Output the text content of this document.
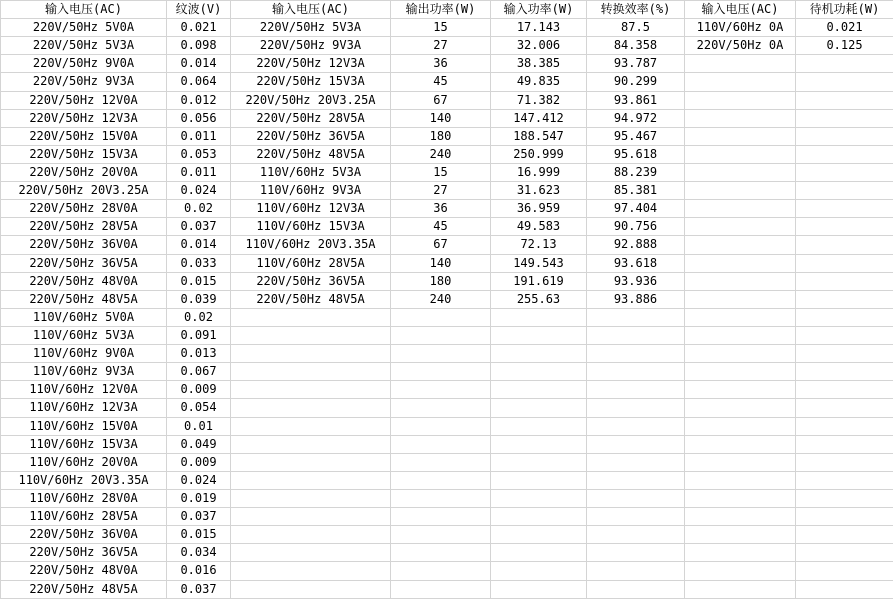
输入电压(AC)	纹波(V)	输入电压(AC)	输出功率(W)	输入功率(W)	转换效率(%)	输入电压(AC)	待机功耗(W)
220V/50Hz 5V0A	0.021	220V/50Hz 5V3A	15	17.143	87.5	110V/60Hz 0A	0.021
220V/50Hz 5V3A	0.098	220V/50Hz 9V3A	27	32.006	84.358	220V/50Hz 0A	0.125
220V/50Hz 9V0A	0.014	220V/50Hz 12V3A	36	38.385	93.787		
220V/50Hz 9V3A	0.064	220V/50Hz 15V3A	45	49.835	90.299		
220V/50Hz 12V0A	0.012	220V/50Hz 20V3.25A	67	71.382	93.861		
220V/50Hz 12V3A	0.056	220V/50Hz 28V5A	140	147.412	94.972		
220V/50Hz 15V0A	0.011	220V/50Hz 36V5A	180	188.547	95.467		
220V/50Hz 15V3A	0.053	220V/50Hz 48V5A	240	250.999	95.618		
220V/50Hz 20V0A	0.011	110V/60Hz 5V3A	15	16.999	88.239		
220V/50Hz 20V3.25A	0.024	110V/60Hz 9V3A	27	31.623	85.381		
220V/50Hz 28V0A	0.02	110V/60Hz 12V3A	36	36.959	97.404		
220V/50Hz 28V5A	0.037	110V/60Hz 15V3A	45	49.583	90.756		
220V/50Hz 36V0A	0.014	110V/60Hz 20V3.35A	67	72.13	92.888		
220V/50Hz 36V5A	0.033	110V/60Hz 28V5A	140	149.543	93.618		
220V/50Hz 48V0A	0.015	220V/50Hz 36V5A	180	191.619	93.936		
220V/50Hz 48V5A	0.039	220V/50Hz 48V5A	240	255.63	93.886		
110V/60Hz 5V0A	0.02						
110V/60Hz 5V3A	0.091						
110V/60Hz 9V0A	0.013						
110V/60Hz 9V3A	0.067						
110V/60Hz 12V0A	0.009						
110V/60Hz 12V3A	0.054						
110V/60Hz 15V0A	0.01						
110V/60Hz 15V3A	0.049						
110V/60Hz 20V0A	0.009						
110V/60Hz 20V3.35A	0.024						
110V/60Hz 28V0A	0.019						
110V/60Hz 28V5A	0.037						
220V/50Hz 36V0A	0.015						
220V/50Hz 36V5A	0.034						
220V/50Hz 48V0A	0.016						
220V/50Hz 48V5A	0.037						
